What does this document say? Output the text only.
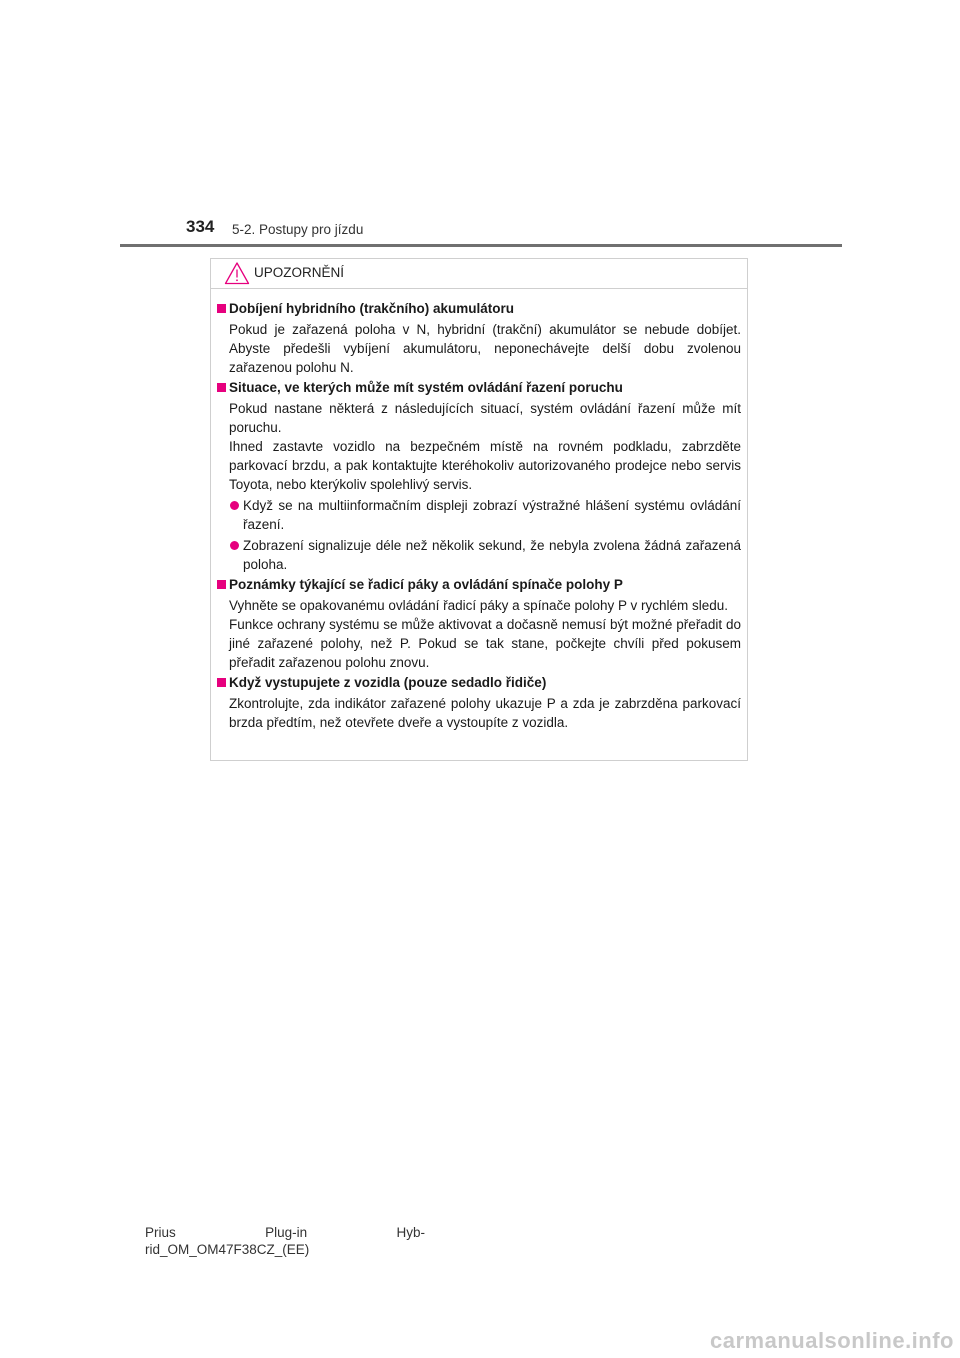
334 5-2. Postupy pro jízdu
UPOZORNĚNÍ
Dobíjení hybridního (trakčního) akumulátoru
Pokud je zařazená poloha v N, hybridní (trakční) akumulátor se nebude dobíjet. Abyste předešli vybíjení akumulátoru, neponechávejte delší dobu zvolenou zařazenou polohu N.
Situace, ve kterých může mít systém ovládání řazení poruchu
Pokud nastane některá z následujících situací, systém ovládání řazení může mít poruchu.
Ihned zastavte vozidlo na bezpečném místě na rovném podkladu, zabrzděte parkovací brzdu, a pak kontaktujte kteréhokoliv autorizovaného prodejce nebo servis Toyota, nebo kterýkoliv spolehlivý servis.
Když se na multiinformačním displeji zobrazí výstražné hlášení systému ovládání řazení.
Zobrazení signalizuje déle než několik sekund, že nebyla zvolena žádná zařazená poloha.
Poznámky týkající se řadicí páky a ovládání spínače polohy P
Vyhněte se opakovanému ovládání řadicí páky a spínače polohy P v rychlém sledu.
Funkce ochrany systému se může aktivovat a dočasně nemusí být možné přeřadit do jiné zařazené polohy, než P. Pokud se tak stane, počkejte chvíli před pokusem přeřadit zařazenou polohu znovu.
Když vystupujete z vozidla (pouze sedadlo řidiče)
Zkontrolujte, zda indikátor zařazené polohy ukazuje P a zda je zabrzděna parkovací brzda předtím, než otevřete dveře a vystoupíte z vozidla.
Prius	Plug-in	Hyb-
rid_OM_OM47F38CZ_(EE)
carmanualsonline.info
